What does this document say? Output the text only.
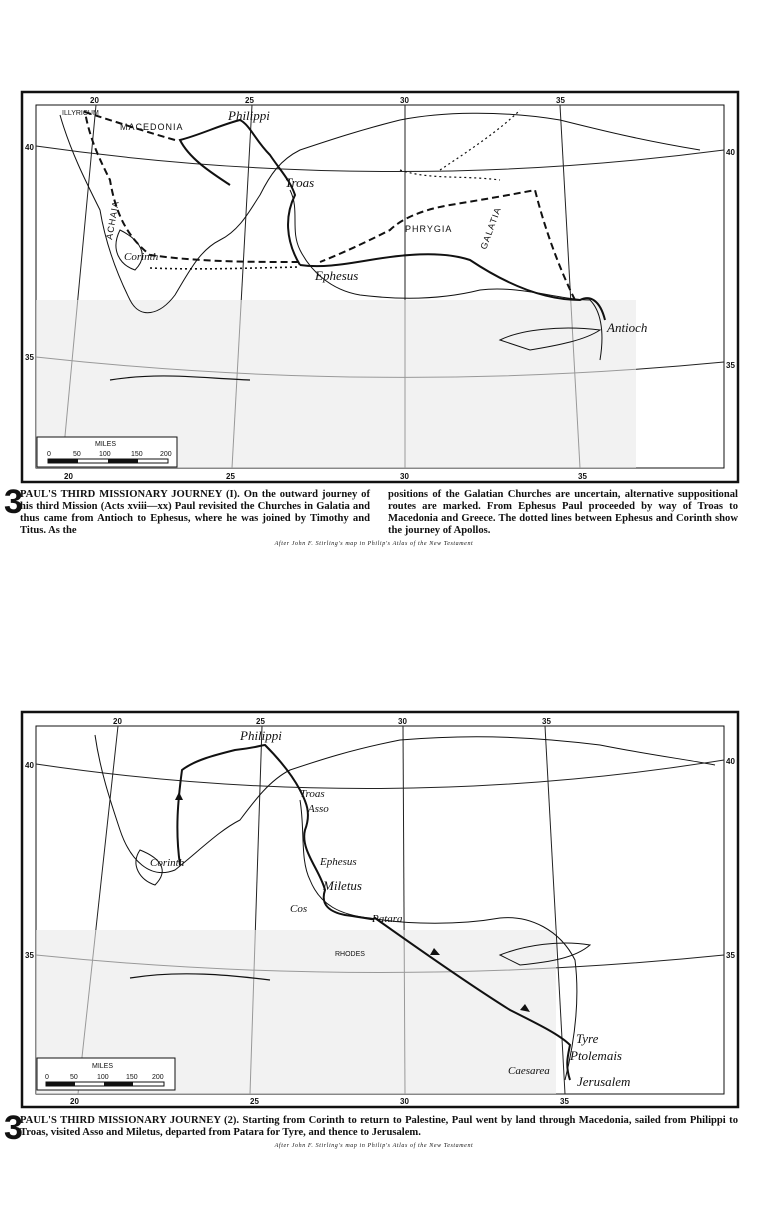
20	25	30	35
20	25	30	35
40
35
40
35
ILLYRICUM
MACEDONIA
PHRYGIA	GALATIA
ACHAIA
Philippi
Troas
Corinth
Ephesus
Antioch
MILES
0	50	100	150 200
3
PAUL'S THIRD MISSIONARY JOURNEY (I). On the outward journey of his third Mission (Acts xviii—xx) Paul revisited the Churches in Galatia and thus came from Antioch to Ephesus, where he was joined by Timothy and Titus. As the
positions of the Galatian Churches are uncertain, alternative suppositional routes are marked. From Ephesus Paul proceeded by way of Troas to Macedonia and Greece. The dotted lines between Ephesus and Corinth show the journey of Apollos.
After John F. Stirling's map in Philip's Atlas of the New Testament
20	25	30	35
20	25	30	35
40
35
40
35
RHODES
Philippi
Troas
Asso
Corinth	Ephesus
Miletus
Cos
Patara
Tyre
Ptolemais
Caesarea
Jerusalem
MILES
0	50	100 150 200
3
PAUL'S THIRD MISSIONARY JOURNEY (2). Starting from Corinth to return to Palestine, Paul went by land through Macedonia, sailed from Philippi to Troas, visited Asso and Miletus, departed from Patara for Tyre, and thence to Jerusalem.
After John F. Stirling's map in Philip's Atlas of the New Testament
